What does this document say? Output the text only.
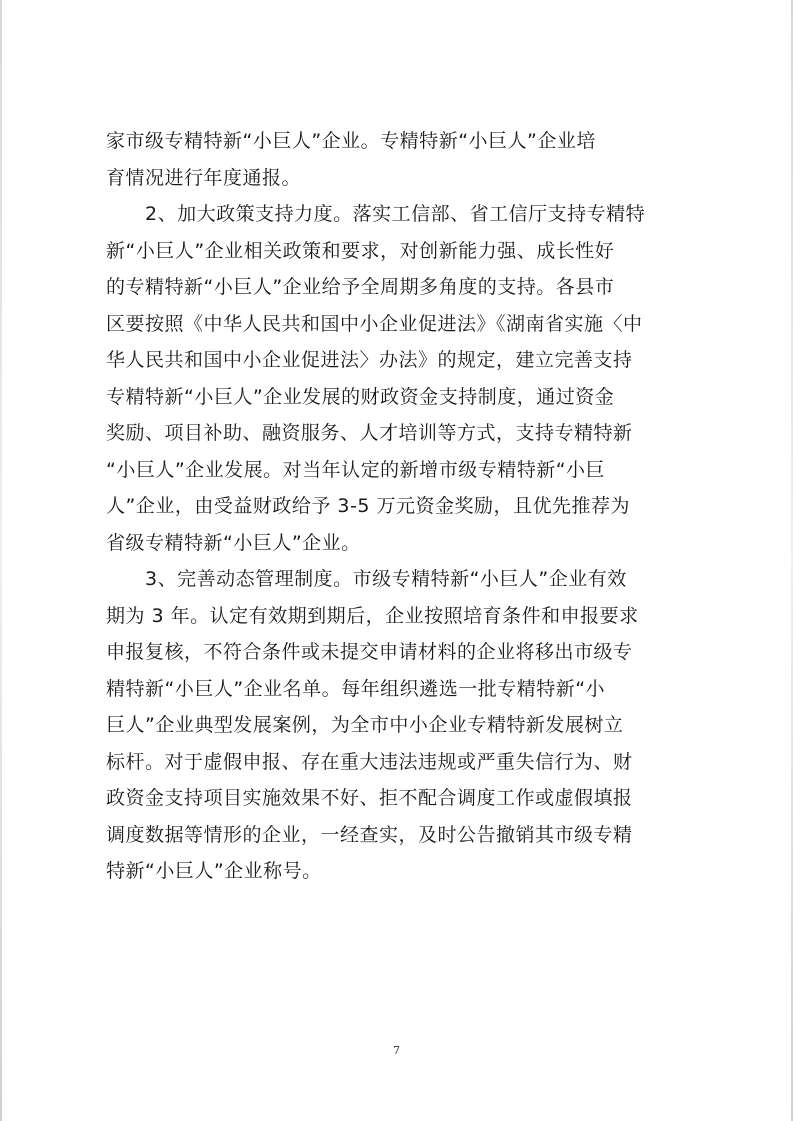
家市级专精特新“小巨人”企业。专精特新“小巨人”企业培
育情况进行年度通报。
　　2、加大政策支持力度。落实工信部、省工信厅支持专精特
新“小巨人”企业相关政策和要求，对创新能力强、成长性好
的专精特新“小巨人”企业给予全周期多角度的支持。各县市
区要按照《中华人民共和国中小企业促进法》《湖南省实施〈中
华人民共和国中小企业促进法〉办法》的规定，建立完善支持
专精特新“小巨人”企业发展的财政资金支持制度，通过资金
奖励、项目补助、融资服务、人才培训等方式，支持专精特新
“小巨人”企业发展。对当年认定的新增市级专精特新“小巨
人”企业，由受益财政给予 3-5 万元资金奖励，且优先推荐为
省级专精特新“小巨人”企业。
　　3、完善动态管理制度。市级专精特新“小巨人”企业有效
期为 3 年。认定有效期到期后，企业按照培育条件和申报要求
申报复核，不符合条件或未提交申请材料的企业将移出市级专
精特新“小巨人”企业名单。每年组织遴选一批专精特新“小
巨人”企业典型发展案例，为全市中小企业专精特新发展树立
标杆。对于虚假申报、存在重大违法违规或严重失信行为、财
政资金支持项目实施效果不好、拒不配合调度工作或虚假填报
调度数据等情形的企业，一经查实，及时公告撤销其市级专精
特新“小巨人”企业称号。
7
